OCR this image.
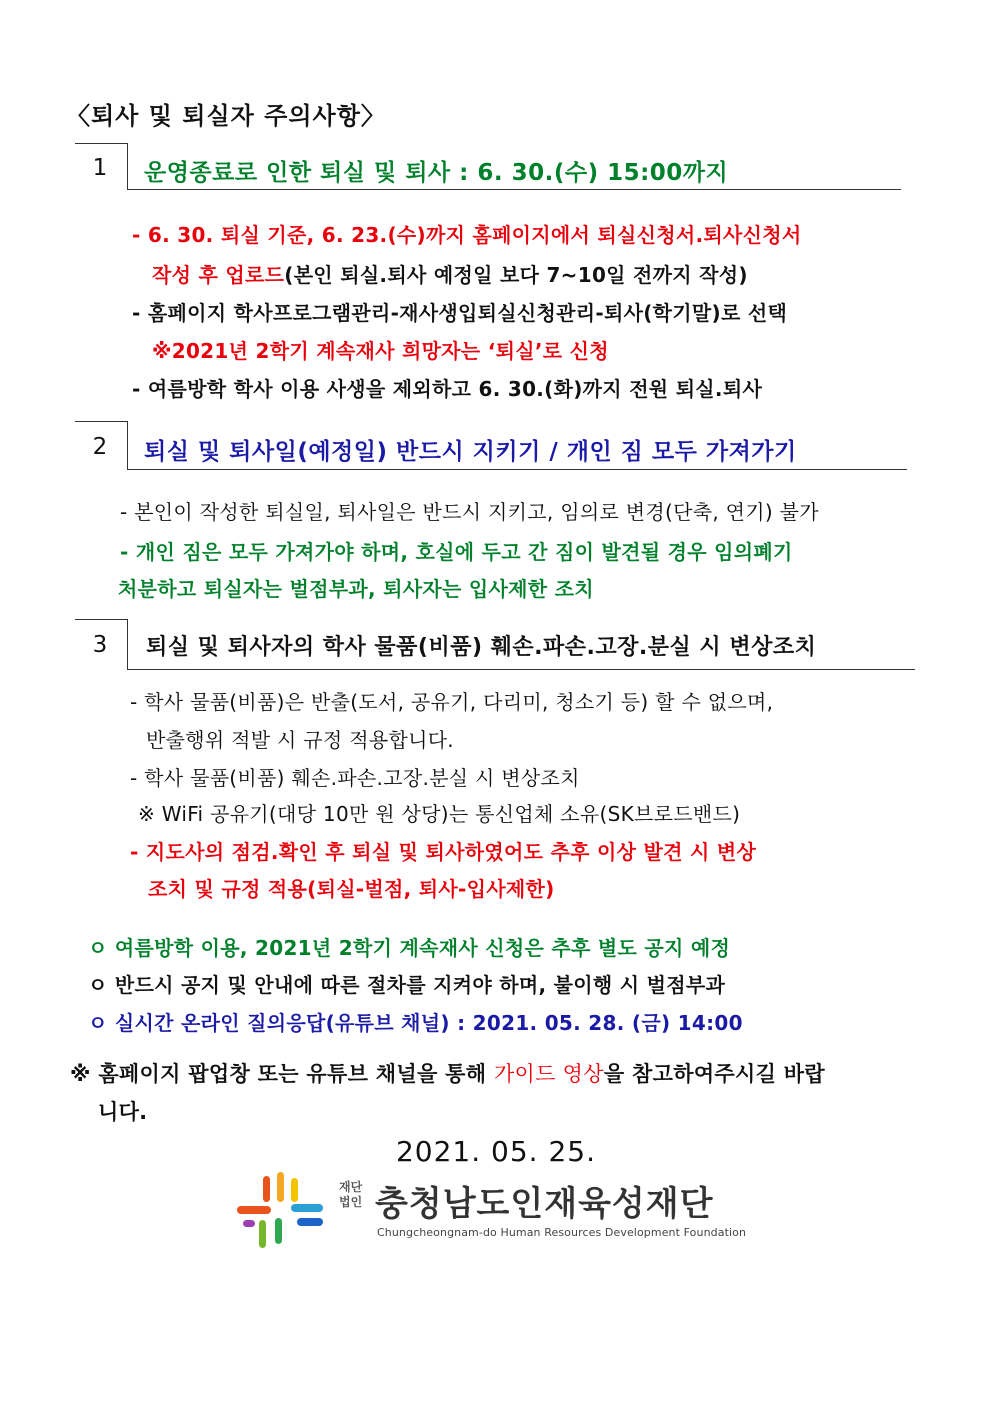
〈퇴사 및 퇴실자 주의사항〉
1	운영종료로 인한 퇴실 및 퇴사 : 6. 30.(수) 15:00까지
- 6. 30. 퇴실 기준, 6. 23.(수)까지 홈페이지에서 퇴실신청서.퇴사신청서
작성 후 업로드(본인 퇴실.퇴사 예정일 보다 7~10일 전까지 작성)
- 홈페이지 학사프로그램관리-재사생입퇴실신청관리-퇴사(학기말)로 선택
※2021년 2학기 계속재사 희망자는 ‘퇴실’로 신청
- 여름방학 학사 이용 사생을 제외하고 6. 30.(화)까지 전원 퇴실.퇴사
2	퇴실 및 퇴사일(예정일) 반드시 지키기 / 개인 짐 모두 가져가기
- 본인이 작성한 퇴실일, 퇴사일은 반드시 지키고, 임의로 변경(단축, 연기) 불가
- 개인 짐은 모두 가져가야 하며, 호실에 두고 간 짐이 발견될 경우 임의폐기
처분하고 퇴실자는 벌점부과, 퇴사자는 입사제한 조치
3	퇴실 및 퇴사자의 학사 물품(비품) 훼손.파손.고장.분실 시 변상조치
- 학사 물품(비품)은 반출(도서, 공유기, 다리미, 청소기 등) 할 수 없으며,
반출행위 적발 시 규정 적용합니다.
- 학사 물품(비품) 훼손.파손.고장.분실 시 변상조치
※ WiFi 공유기(대당 10만 원 상당)는 통신업체 소유(SK브로드밴드)
- 지도사의 점검.확인 후 퇴실 및 퇴사하였어도 추후 이상 발견 시 변상
조치 및 규정 적용(퇴실-벌점, 퇴사-입사제한)
ㅇ 여름방학 이용, 2021년 2학기 계속재사 신청은 추후 별도 공지 예정
ㅇ 반드시 공지 및 안내에 따른 절차를 지켜야 하며, 불이행 시 벌점부과
ㅇ 실시간 온라인 질의응답(유튜브 채널) : 2021. 05. 28. (금) 14:00
※ 홈페이지 팝업창 또는 유튜브 채널을 통해 가이드 영상을 참고하여주시길 바랍
니다.
2021. 05. 25.
재단
법인 충청남도인재육성재단
Chungcheongnam-do Human Resources Development Foundation
